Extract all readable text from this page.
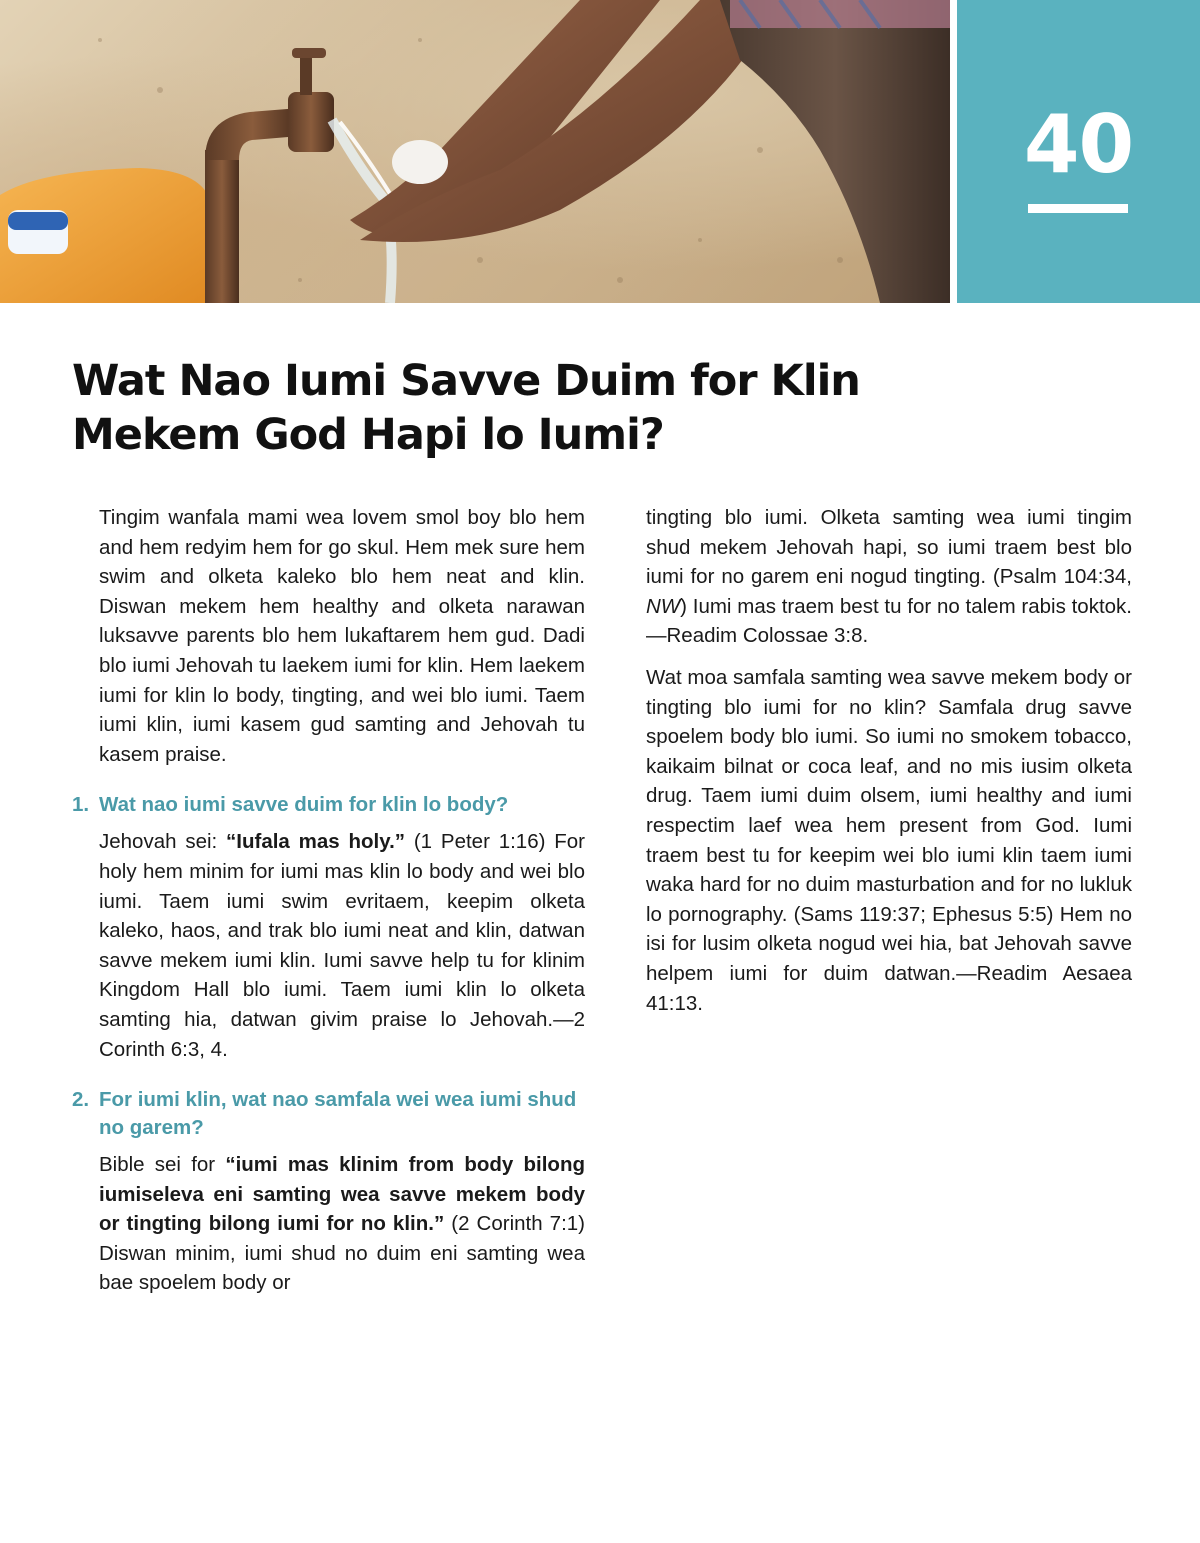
40
Wat Nao Iumi Savve Duim for Klin
Mekem God Hapi lo Iumi?

Tingim wanfala mami wea lovem smol boy blo hem and hem redyim hem for go skul. Hem mek sure hem swim and olketa kaleko blo hem neat and klin. Diswan mekem hem healthy and olketa narawan luksavve parents blo hem lukaftarem hem gud. Dadi blo iumi Jehovah tu laekem iumi for klin. Hem laekem iumi for klin lo body, tingting, and wei blo iumi. Taem iumi klin, iumi kasem gud samting and Jehovah tu kasem praise.

1. Wat nao iumi savve duim for klin lo body?

Jehovah sei: “Iufala mas holy.” (1 Peter 1:16) For holy hem minim for iumi mas klin lo body and wei blo iumi. Taem iumi swim evritaem, keepim olketa kaleko, haos, and trak blo iumi neat and klin, datwan savve mekem iumi klin. Iumi savve help tu for klinim Kingdom Hall blo iumi. Taem iumi klin lo olketa samting hia, datwan givim praise lo Jehovah.—2 Corinth 6:3, 4.

2. For iumi klin, wat nao samfala wei wea iumi shud no garem?

Bible sei for “iumi mas klinim from body bilong iumiseleva eni samting wea savve mekem body or tingting bilong iumi for no klin.” (2 Corinth 7:1) Diswan minim, iumi shud no duim eni samting wea bae spoelem body or

tingting blo iumi. Olketa samting wea iumi tingim shud mekem Jehovah hapi, so iumi traem best blo iumi for no garem eni nogud tingting. (Psalm 104:34, NW) Iumi mas traem best tu for no talem rabis toktok.—Readim Colossae 3:8.

Wat moa samfala samting wea savve mekem body or tingting blo iumi for no klin? Samfala drug savve spoelem body blo iumi. So iumi no smokem tobacco, kaikaim bilnat or coca leaf, and no mis iusim olketa drug. Taem iumi duim olsem, iumi healthy and iumi respectim laef wea hem present from God. Iumi traem best tu for keepim wei blo iumi klin taem iumi waka hard for no duim masturbation and for no lukluk lo pornography. (Sams 119:37; Ephesus 5:5) Hem no isi for lusim olketa nogud wei hia, bat Jehovah savve helpem iumi for duim datwan.—Readim Aesaea 41:13.
